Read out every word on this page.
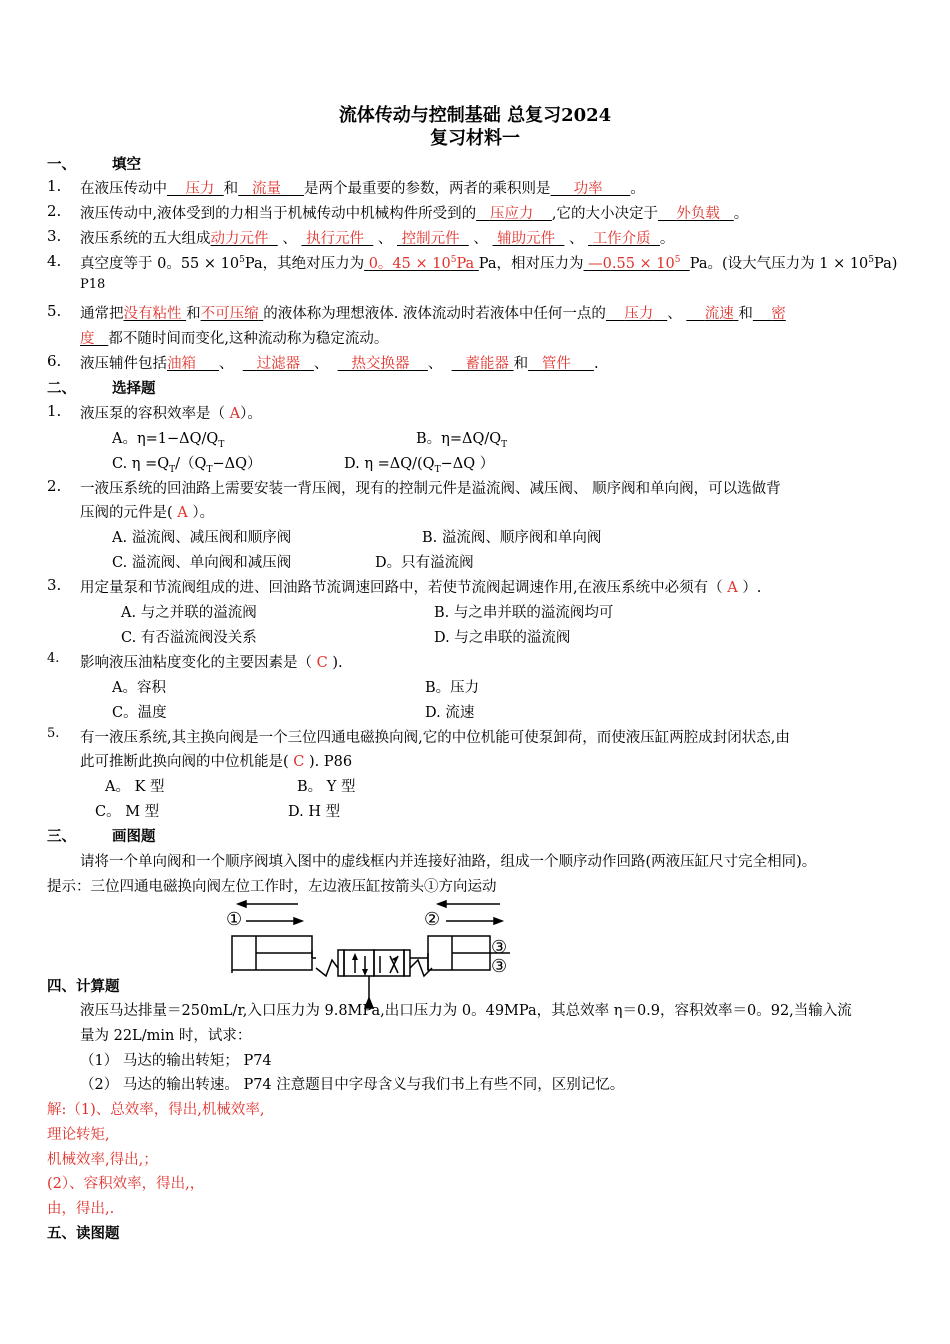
流体传动与控制基础 总复习2024
复习材料一
一、 填空
1. 在液压传动中 压力 和 流量 是两个最重要的参数，两者的乘积则是 功率 。
2. 液压传动中,液体受到的力相当于机械传动中机械构件所受到的 压应力 ,它的大小决定于 外负载 。
3. 液压系统的五大组成动力元件 、 执行元件 、 控制元件 、 辅助元件 、 工作介质 。
4. 真空度等于 0。$55 \times 10^5Pa$，其绝对压力为 0。$45 \times 10^5Pa$ Pa，相对压力为 —0.55 × $10^5$ Pa。(设大气压力为 $1 \times 10^5Pa$)
P18
5. 通常把没有粘性 和不可压缩 的液体称为理想液体. 液体流动时若液体中任何一点的 压力 、 流速 和 密
度 都不随时间而变化,这种流动称为稳定流动。
6. 液压辅件包括油箱 、 过滤器 、 热交换器 、 蓄能器 和 管件 .
二、 选择题
1. 液压泵的容积效率是（ A）。
A。$\eta=1-\Delta Q/Q_T$	B。$\eta=\Delta Q/Q_T$
C. $\eta =Q_T/(Q_T-\Delta Q)$	D. $\eta =\Delta Q/(Q_T-\Delta Q$ ）
2. 一液压系统的回油路上需要安装一背压阀，现有的控制元件是溢流阀、减压阀、 顺序阀和单向阀，可以选做背
压阀的元件是( A ）。
A. 溢流阀、减压阀和顺序阀	B. 溢流阀、顺序阀和单向阀
C. 溢流阀、单向阀和减压阀	D。只有溢流阀
3. 用定量泵和节流阀组成的进、回油路节流调速回路中，若使节流阀起调速作用,在液压系统中必须有（ A ）.
A. 与之并联的溢流阀	B. 与之串并联的溢流阀均可
C. 有否溢流阀没关系	D. 与之串联的溢流阀
4. 影响液压油粘度变化的主要因素是（ C ).
A。容积	B。压力
C。温度	D. 流速
5. 有一液压系统,其主换向阀是一个三位四通电磁换向阀,它的中位机能可使泵卸荷，而使液压缸两腔成封闭状态,由
此可推断此换向阀的中位机能是( C ). P86
A。 K 型	B。 Y 型
C。 M 型	D. H 型
三、 画图题
请将一个单向阀和一个顺序阀填入图中的虚线框内并连接好油路，组成一个顺序动作回路(两液压缸尺寸完全相同)。
提示：三位四通电磁换向阀左位工作时，左边液压缸按箭头①方向运动
①	②
③
③
四、计算题
液压马达排量＝250mL/r,入口压力为 9.8MPa,出口压力为 0。49MPa，其总效率 η＝0.9，容积效率＝0。92,当输入流
量为 22L/min 时，试求：
（1） 马达的输出转矩； P74
（2） 马达的输出转速。 P74 注意题目中字母含义与我们书上有些不同，区别记忆。
解:（1)、总效率，得出,机械效率,
理论转矩,
机械效率,得出,；
(2）、容积效率，得出,，
由，得出,.
五、读图题
